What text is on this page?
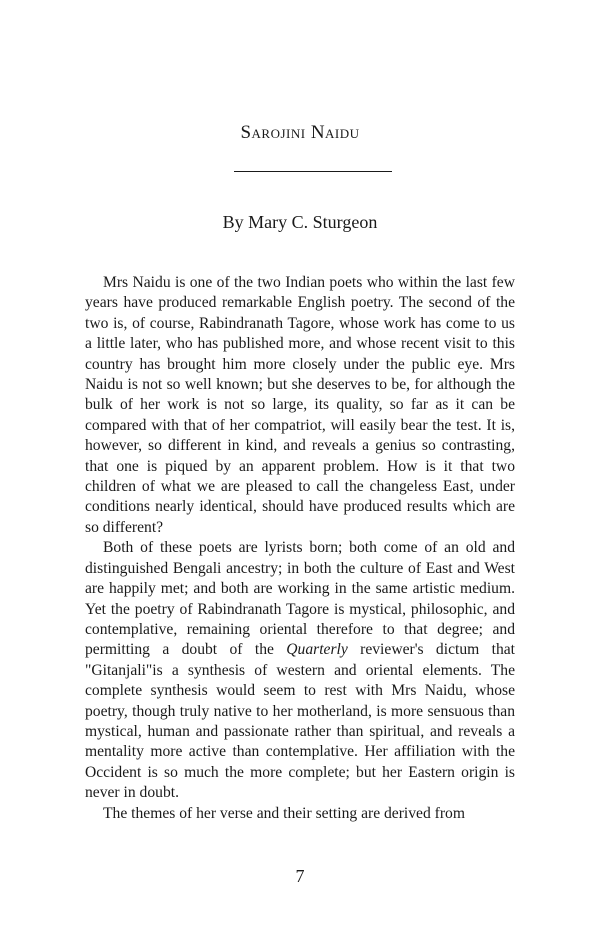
Sarojini Naidu
By Mary C. Sturgeon

Mrs Naidu is one of the two Indian poets who within the last few years have produced remarkable English poetry. The second of the two is, of course, Rabindranath Tagore, whose work has come to us a little later, who has published more, and whose recent visit to this country has brought him more closely under the public eye. Mrs Naidu is not so well known; but she deserves to be, for although the bulk of her work is not so large, its quality, so far as it can be compared with that of her compatriot, will easily bear the test. It is, however, so different in kind, and reveals a genius so contrasting, that one is piqued by an apparent problem. How is it that two children of what we are pleased to call the changeless East, under conditions nearly identical, should have produced results which are so different?

Both of these poets are lyrists born; both come of an old and distinguished Bengali ancestry; in both the culture of East and West are happily met; and both are working in the same artistic medium. Yet the poetry of Rabindranath Tagore is mystical, philosophic, and contemplative, remaining oriental therefore to that degree; and permitting a doubt of the Quarterly reviewer's dictum that "Gitanjali"is a synthesis of western and oriental elements. The complete synthesis would seem to rest with Mrs Naidu, whose poetry, though truly native to her motherland, is more sensuous than mystical, human and passionate rather than spiritual, and reveals a mentality more active than contemplative. Her affiliation with the Occident is so much the more complete; but her Eastern origin is never in doubt.

The themes of her verse and their setting are derived from

7
